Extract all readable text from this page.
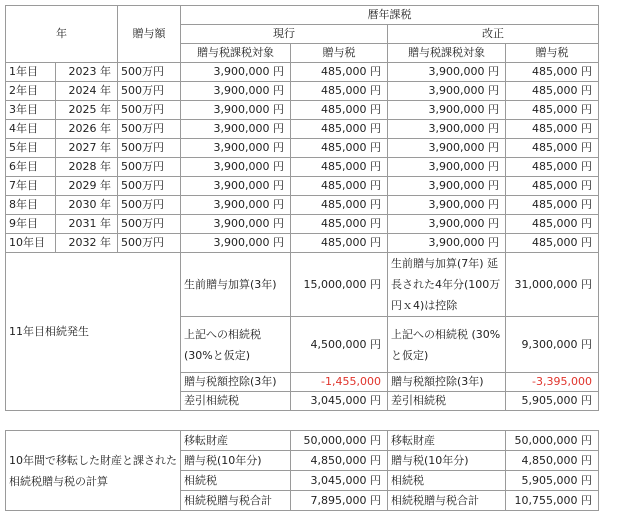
年		贈与額	暦年課税			
			現行		改正	
			贈与税課税対象	贈与税	贈与税課税対象	贈与税
1年目	2023 年	500万円	3,900,000 円	485,000 円	3,900,000 円	485,000 円
2年目	2024 年	500万円	3,900,000 円	485,000 円	3,900,000 円	485,000 円
3年目	2025 年	500万円	3,900,000 円	485,000 円	3,900,000 円	485,000 円
4年目	2026 年	500万円	3,900,000 円	485,000 円	3,900,000 円	485,000 円
5年目	2027 年	500万円	3,900,000 円	485,000 円	3,900,000 円	485,000 円
6年目	2028 年	500万円	3,900,000 円	485,000 円	3,900,000 円	485,000 円
7年目	2029 年	500万円	3,900,000 円	485,000 円	3,900,000 円	485,000 円
8年目	2030 年	500万円	3,900,000 円	485,000 円	3,900,000 円	485,000 円
9年目	2031 年	500万円	3,900,000 円	485,000 円	3,900,000 円	485,000 円
10年目	2032 年	500万円	3,900,000 円	485,000 円	3,900,000 円	485,000 円
11年目相続発生			生前贈与加算(3年)	15,000,000 円	生前贈与加算(7年) 延長された4年分(100万円ｘ4)は控除	31,000,000 円
			上記への相続税 (30%と仮定)	4,500,000 円	上記への相続税 (30%と仮定)	9,300,000 円
			贈与税額控除(3年)	-1,455,000	贈与税額控除(3年)	-3,395,000
			差引相続税	3,045,000 円	差引相続税	5,905,000 円
10年間で移転した財産と課された相続税贈与税の計算	移転財産	50,000,000 円	移転財産	50,000,000 円
	贈与税(10年分)	4,850,000 円	贈与税(10年分)	4,850,000 円
	相続税	3,045,000 円	相続税	5,905,000 円
	相続税贈与税合計	7,895,000 円	相続税贈与税合計	10,755,000 円
